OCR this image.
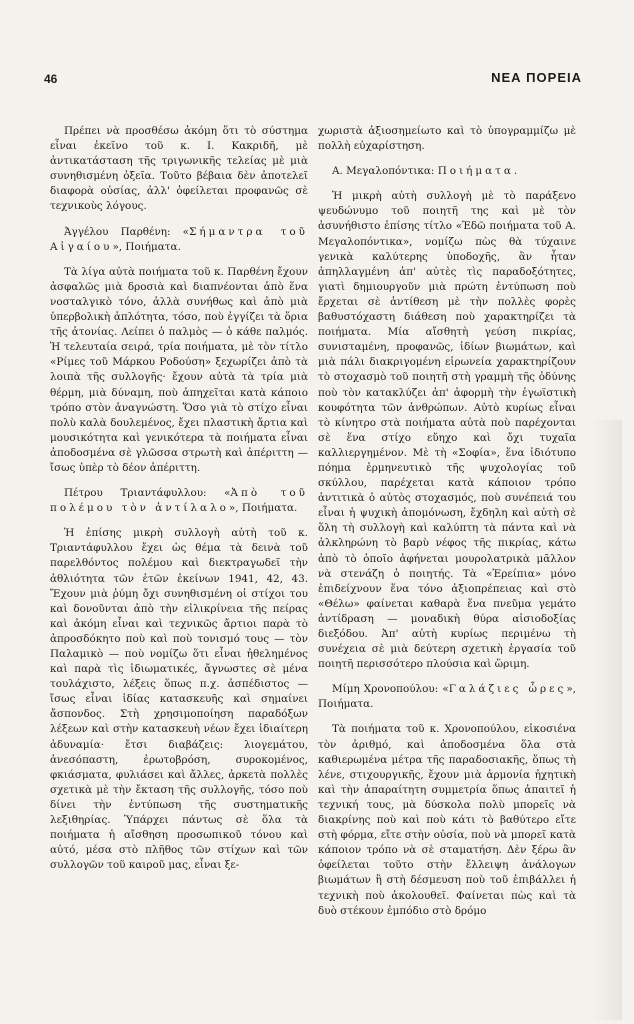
46	ΝΕΑ ΠΟΡΕΙΑ

Πρέπει νὰ προσθέσω ἀκόμη ὅτι τὸ σύστημα εἶναι ἐκεῖνο τοῦ κ. Ι. Κακριδῆ, μὲ ἀντικατάσταση τῆς τριγωνικῆς τελείας μὲ μιὰ συνηθισμένη ὀξεῖα. Τοῦτο βέβαια δὲν ἀποτελεῖ διαφορὰ οὐσίας, ἀλλ' ὀφείλεται προφανῶς σὲ τεχνικοὺς λόγους.

Ἀγγέλου Παρθένη: «Σήμαντρα τοῦ Αἰγαίου», Ποιήματα.

Τὰ λίγα αὐτὰ ποιήματα τοῦ κ. Παρθένη ἔχουν ἀσφαλῶς μιὰ δροσιὰ καὶ διαπνέονται ἀπὸ ἕνα νοσταλγικὸ τόνο, ἀλλὰ συνήθως καὶ ἀπὸ μιὰ ὑπερβολικὴ ἁπλότητα, τόσο, ποὺ ἐγγίζει τὰ ὅρια τῆς ἀτονίας. Λείπει ὁ παλμὸς — ὁ κάθε παλμός. Ἡ τελευταία σειρά, τρία ποιήματα, μὲ τὸν τίτλο «Ρίμες τοῦ Μάρκου Ροδούση» ξεχωρίζει ἀπὸ τὰ λοιπὰ τῆς συλλογῆς· ἔχουν αὐτὰ τὰ τρία μιὰ θέρμη, μιὰ δύναμη, ποὺ ἀπηχεῖται κατὰ κάποιο τρόπο στὸν ἀναγνώστη. Ὅσο γιὰ τὸ στίχο εἶναι πολὺ καλὰ δουλεμένος, ἔχει πλαστικὴ ἄρτια καὶ μουσικότητα καὶ γενικότερα τὰ ποιήματα εἶναι ἀποδοσμένα σὲ γλῶσσα στρωτὴ καὶ ἀπέριττη — ἴσως ὑπὲρ τὸ δέον ἀπέριττη.

Πέτρου Τριαντάφυλλου: «Ἀπὸ τοῦ πολέμου τὸν ἀντίλαλο», Ποιήματα.

Ἡ ἐπίσης μικρὴ συλλογὴ αὐτὴ τοῦ κ. Τριαντάφυλλου ἔχει ὡς θέμα τὰ δεινὰ τοῦ παρελθόντος πολέμου καὶ διεκτραγωδεῖ τὴν ἀθλιότητα τῶν ἐτῶν ἐκείνων 1941, 42, 43. Ἔχουν μιὰ ῥύμη ὄχι συνηθισμένη οἱ στίχοι του καὶ δονοῦνται ἀπὸ τὴν εἰλικρίνεια τῆς πείρας καὶ ἀκόμη εἶναι καὶ τεχνικῶς ἄρτιοι παρὰ τὸ ἀπροσδόκητο ποὺ καὶ ποὺ τονισμό τους — τὸν Παλαμικὸ — ποὺ νομίζω ὅτι εἶναι ἠθελημένος καὶ παρὰ τὶς ἰδιωματικές, ἄγνωστες σὲ μένα τουλάχιστο, λέξεις ὅπως π.χ. ἀσπέδιστος — ἴσως εἶναι ἰδίας κατασκευῆς καὶ σημαίνει ἄσπονδος. Στὴ χρησιμοποίηση παραδόξων λέξεων καὶ στὴν κατασκευὴ νέων ἔχει ἰδιαίτερη ἀδυναμία· ἔτσι διαβάζεις: λιογεμάτου, ἀνεσόπαστη, ἐρωτοβρόση, συροκομένος, φκιάσματα, φυλιάσει καὶ ἄλλες, ἀρκετὰ πολλὲς σχετικὰ μὲ τὴν ἔκταση τῆς συλλογῆς, τόσο ποὺ δίνει τὴν ἐντύπωση τῆς συστηματικῆς λεξιθηρίας. Ὑπάρχει πάντως σὲ ὅλα τὰ ποιήματα ἡ αἴσθηση προσωπικοῦ τόνου καὶ αὐτό, μέσα στὸ πλῆθος τῶν στίχων καὶ τῶν συλλογῶν τοῦ καιροῦ μας, εἶναι ξε-

χωριστὰ ἀξιοσημείωτο καὶ τὸ ὑπογραμμίζω μὲ πολλὴ εὐχαρίστηση.

Α. Μεγαλοπόντικα: Ποιήματα.

Ἡ μικρὴ αὐτὴ συλλογὴ μὲ τὸ παράξενο ψευδώνυμο τοῦ ποιητῆ της καὶ μὲ τὸν ἀσυνήθιστο ἐπίσης τίτλο «Ἐδῶ ποιήματα τοῦ Α. Μεγαλοπόντικα», νομίζω πὼς θὰ τύχαινε γενικὰ καλύτερης ὑποδοχῆς, ἂν ἦταν ἀπηλλαγμένη ἀπ' αὐτὲς τὶς παραδοξότητες, γιατὶ δημιουργοῦν μιὰ πρώτη ἐντύπωση ποὺ ἔρχεται σὲ ἀντίθεση μὲ τὴν πολλὲς φορὲς βαθυστόχαστη διάθεση ποὺ χαρακτηρίζει τὰ ποιήματα. Μία αἴσθητὴ γεύση πικρίας, συνισταμένη, προφανῶς, ἰδίων βιωμάτων, καὶ μιὰ πάλι διακριγομένη εἰρωνεία χαρακτηρίζουν τὸ στοχασμὸ τοῦ ποιητῆ στὴ γραμμὴ τῆς ὀδύνης ποὺ τὸν κατακλύζει ἀπ' ἀφορμὴ τὴν ἐγωϊστικὴ κουφότητα τῶν ἀνθρώπων. Αὐτὸ κυρίως εἶναι τὸ κίνητρο στὰ ποιήματα αὐτὰ ποὺ παρέχονται σὲ ἕνα στίχο εὔηχο καὶ ὄχι τυχαῖα καλλιεργημένον. Μὲ τὴ «Σοφία», ἕνα ἰδιότυπο πόημα ἑρμηνευτικὸ τῆς ψυχολογίας τοῦ σκύλλου, παρέχεται κατὰ κάποιον τρόπο ἀντιτικὰ ὁ αὐτὸς στοχασμός, ποὺ συνέπειά του εἶναι ἡ ψυχικὴ ἀπομόνωση, ἔχδηλη καὶ αὐτὴ σὲ ὅλη τὴ συλλογὴ καὶ καλύπτη τὰ πάντα καὶ νὰ ἀλκληρώνη τὸ βαρὺ νέφος τῆς πικρίας, κάτω ἀπὸ τὸ ὁποῖο ἀφήνεται μουρολατρικὰ μᾶλλον νὰ στενάζη ὁ ποιητής. Τὰ «Ἐρείπια» μόνο ἐπιδείχνουν ἕνα τόνο ἀξιοπρέπειας καὶ στὸ «Θέλω» φαίνεται καθαρὰ ἕνα πνεῦμα γεμάτο ἀντίδραση — μοναδικὴ θύρα αἰσιοδοξίας διεξόδου. Ἀπ' αὐτὴ κυρίως περιμένω τὴ συνέχεια σὲ μιὰ δεύτερη σχετικὴ ἐργασία τοῦ ποιητῆ περισσότερο πλούσια καὶ ὥριμη.

Μίμη Χρονοπούλου: «Γαλάζιες ὧρες», Ποιήματα.

Τὰ ποιήματα τοῦ κ. Χρονοπούλου, εἰκοσιένα τὸν ἀριθμό, καὶ ἀποδοσμένα ὅλα στὰ καθιερωμένα μέτρα τῆς παραδοσιακῆς, ὅπως τὴ λένε, στιχουργικῆς, ἔχουν μιὰ ἁρμονία ἠχητικὴ καὶ τὴν ἀπαραίτητη συμμετρία ὅπως ἀπαιτεῖ ἡ τεχνική τους, μὰ δύσκολα πολὺ μπορεῖς νὰ διακρίνης ποὺ καὶ ποὺ κάτι τὸ βαθύτερο εἴτε στὴ φόρμα, εἴτε στὴν οὐσία, ποὺ νὰ μπορεῖ κατὰ κάποιον τρόπο νὰ σὲ σταματήση. Δὲν ξέρω ἂν ὀφείλεται τοῦτο στὴν ἔλλειψη ἀνάλογων βιωμάτων ἢ στὴ δέσμευση ποὺ τοῦ ἐπιβάλλει ἡ τεχνικὴ ποὺ ἀκολουθεῖ. Φαίνεται πὼς καὶ τὰ δυὸ στέκουν ἐμπόδιο στὸ δρόμο
